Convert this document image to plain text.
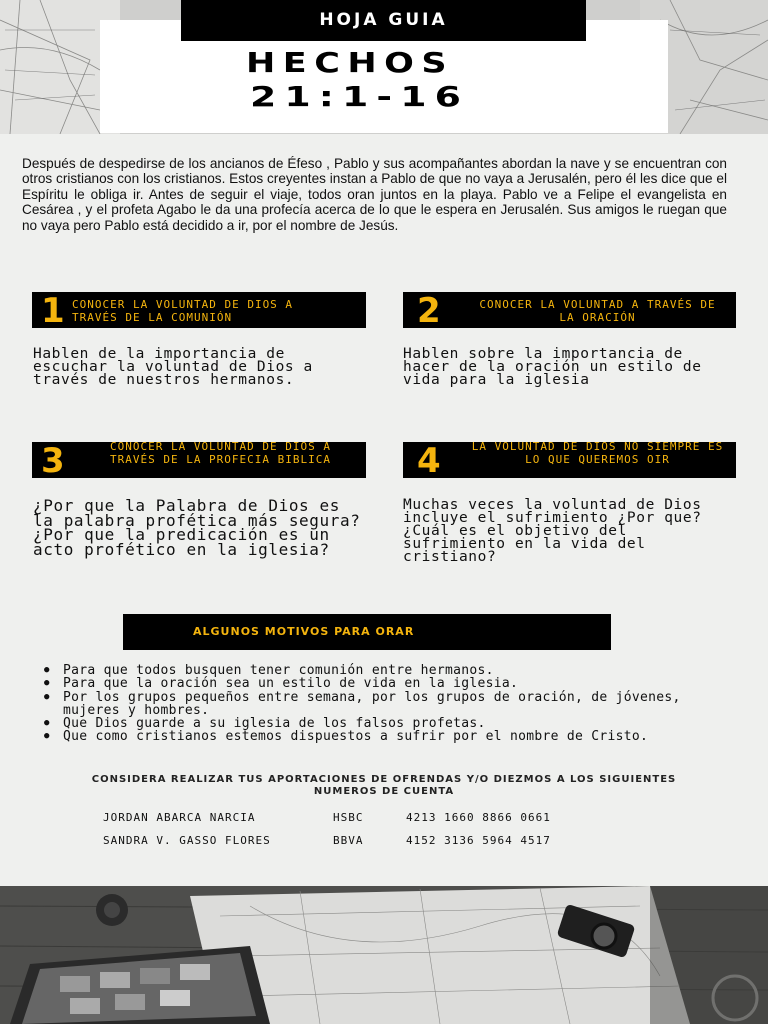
HOJA GUIA
HECHOS
21:1-16
Después de despedirse de los ancianos de Éfeso , Pablo y sus acompañantes abordan la nave y se encuentran con otros cristianos con los cristianos. Estos creyentes instan a Pablo de que no vaya a Jerusalén, pero él les dice que el Espíritu le obliga ir. Antes de seguir el viaje, todos oran juntos en la playa. Pablo ve a Felipe el evangelista en Cesárea , y el profeta Agabo le da una profecía acerca de lo que le espera en Jerusalén. Sus amigos le ruegan que no vaya pero Pablo está decidido a ir, por el nombre de Jesús.
1 CONOCER LA VOLUNTAD DE DIOS A TRAVÉS DE LA COMUNIÓN
Hablen de la importancia de escuchar la voluntad de Dios a través de nuestros hermanos.
2	CONOCER LA VOLUNTAD A TRAVÉS DE LA ORACIÓN
Hablen sobre la importancia de hacer de la oración un estilo de vida para la iglesia
3	CONOCER LA VOLUNTAD DE DIOS A TRAVÉS DE LA PROFECIA BIBLICA
¿Por que la Palabra de Dios es la palabra profética más segura?¿Por que la predicación es un acto profético en la iglesia?
4	LA VOLUNTAD DE DIOS NO SIEMPRE ES LO QUE QUEREMOS OIR
Muchas veces la voluntad de Dios incluye el sufrimiento ¿Por que? ¿Cuál es el objetivo del sufrimiento en la vida del cristiano?
ALGUNOS MOTIVOS PARA ORAR
● Para que todos busquen tener comunión entre hermanos.
● Para que la oración sea un estilo de vida en la iglesia.
● Por los grupos pequeños entre semana, por los grupos de oración, de jóvenes, mujeres y hombres.
● Que Dios guarde a su iglesia de los falsos profetas.
● Que como cristianos estemos dispuestos a sufrir por el nombre de Cristo.
CONSIDERA REALIZAR TUS APORTACIONES DE OFRENDAS Y/O DIEZMOS A LOS SIGUIENTES NUMEROS DE CUENTA
JORDAN ABARCA NARCIA	HSBC	4213 1660 8866 0661
SANDRA V. GASSO FLORES	BBVA	4152 3136 5964 4517
